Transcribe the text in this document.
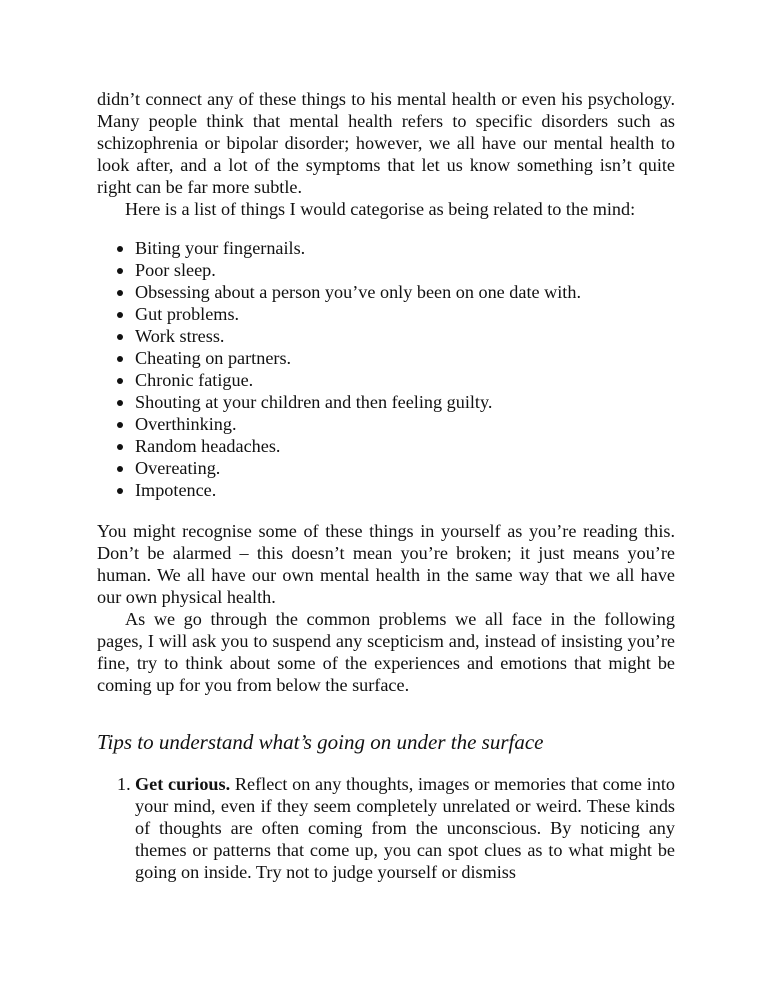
didn’t connect any of these things to his mental health or even his psychology. Many people think that mental health refers to specific disorders such as schizophrenia or bipolar disorder; however, we all have our mental health to look after, and a lot of the symptoms that let us know something isn’t quite right can be far more subtle.

Here is a list of things I would categorise as being related to the mind:

Biting your fingernails.
Poor sleep.
Obsessing about a person you’ve only been on one date with.
Gut problems.
Work stress.
Cheating on partners.
Chronic fatigue.
Shouting at your children and then feeling guilty.
Overthinking.
Random headaches.
Overeating.
Impotence.

You might recognise some of these things in yourself as you’re reading this. Don’t be alarmed – this doesn’t mean you’re broken; it just means you’re human. We all have our own mental health in the same way that we all have our own physical health.

As we go through the common problems we all face in the following pages, I will ask you to suspend any scepticism and, instead of insisting you’re fine, try to think about some of the experiences and emotions that might be coming up for you from below the surface.

Tips to understand what’s going on under the surface
1. Get curious. Reflect on any thoughts, images or memories that come into your mind, even if they seem completely unrelated or weird. These kinds of thoughts are often coming from the unconscious. By noticing any themes or patterns that come up, you can spot clues as to what might be going on inside. Try not to judge yourself or dismiss
